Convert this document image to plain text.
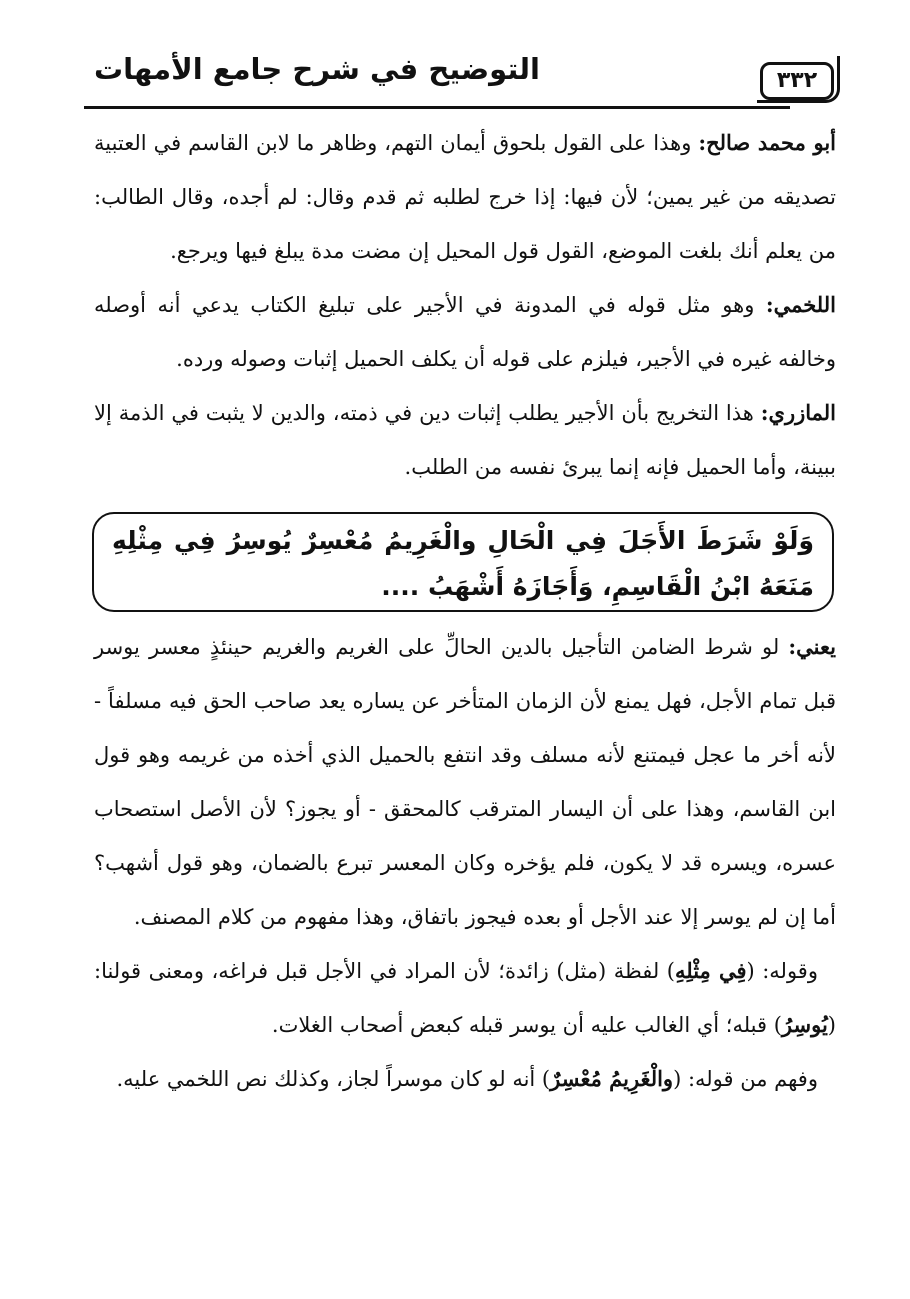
التوضيح في شرح جامع الأمهات	٣٣٢

أبو محمد صالح: وهذا على القول بلحوق أيمان التهم، وظاهر ما لابن القاسم في العتبية تصديقه من غير يمين؛ لأن فيها: إذا خرج لطلبه ثم قدم وقال: لم أجده، وقال الطالب: من يعلم أنك بلغت الموضع، القول قول المحيل إن مضت مدة يبلغ فيها ويرجع.

اللخمي: وهو مثل قوله في المدونة في الأجير على تبليغ الكتاب يدعي أنه أوصله وخالفه غيره في الأجير، فيلزم على قوله أن يكلف الحميل إثبات وصوله ورده.

المازري: هذا التخريج بأن الأجير يطلب إثبات دين في ذمته، والدين لا يثبت في الذمة إلا ببينة، وأما الحميل فإنه إنما يبرئ نفسه من الطلب.

وَلَوْ شَرَطَ الأَجَلَ فِي الْحَالِ والْغَرِيمُ مُعْسِرٌ يُوسِرُ فِي مِثْلِهِ مَنَعَهُ ابْنُ الْقَاسِمِ، وَأَجَازَهُ أَشْهَبُ ....

يعني: لو شرط الضامن التأجيل بالدين الحالِّ على الغريم والغريم حينئذٍ معسر يوسر قبل تمام الأجل، فهل يمنع لأن الزمان المتأخر عن يساره يعد صاحب الحق فيه مسلفاً - لأنه أخر ما عجل فيمتنع لأنه مسلف وقد انتفع بالحميل الذي أخذه من غريمه وهو قول ابن القاسم، وهذا على أن اليسار المترقب كالمحقق - أو يجوز؟ لأن الأصل استصحاب عسره، ويسره قد لا يكون، فلم يؤخره وكان المعسر تبرع بالضمان، وهو قول أشهب؟ أما إن لم يوسر إلا عند الأجل أو بعده فيجوز باتفاق، وهذا مفهوم من كلام المصنف.

وقوله: (فِي مِثْلِهِ) لفظة (مثل) زائدة؛ لأن المراد في الأجل قبل فراغه، ومعنى قولنا: (يُوسِرُ) قبله؛ أي الغالب عليه أن يوسر قبله كبعض أصحاب الغلات.

وفهم من قوله: (والْغَرِيمُ مُعْسِرٌ) أنه لو كان موسراً لجاز، وكذلك نص اللخمي عليه.
